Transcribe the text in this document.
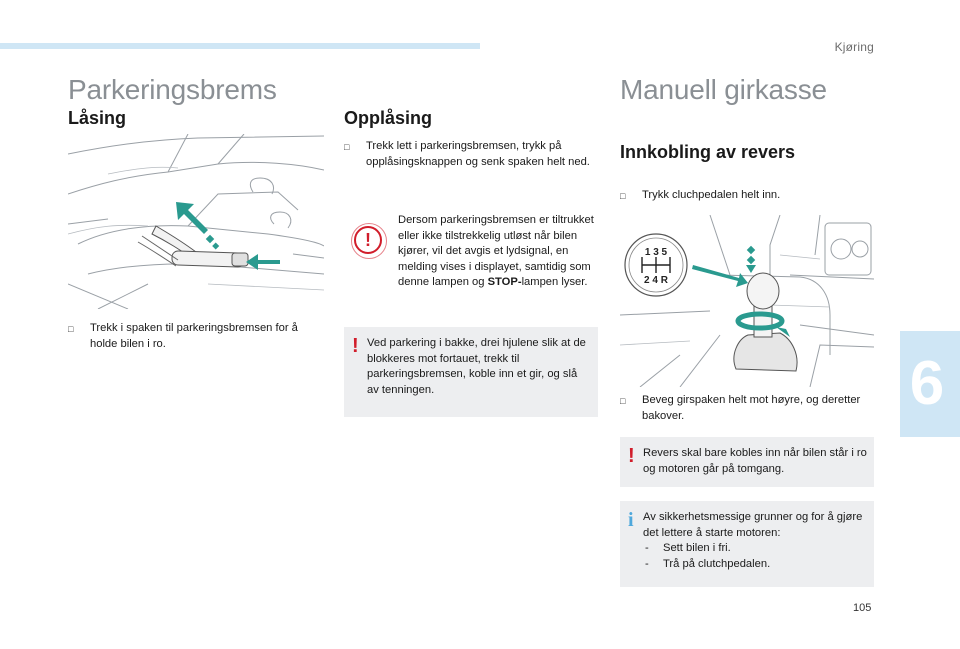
Kjøring
6
Parkeringsbrems
Låsing
□ Trekk i spaken til parkeringsbremsen for å holde bilen i ro.
Opplåsing
□ Trekk lett i parkeringsbremsen, trykk på opplåsingsknappen og senk spaken helt ned.
!
Dersom parkeringsbremsen er tiltrukket eller ikke tilstrekkelig utløst når bilen kjører, vil det avgis et lydsignal, en melding vises i displayet, samtidig som denne lampen og STOP-lampen lyser.
! Ved parkering i bakke, drei hjulene slik at de blokkeres mot fortauet, trekk til parkeringsbremsen, koble inn et gir, og slå av tenningen.
Manuell girkasse
Innkobling av revers
□ Trykk cluchpedalen helt inn.
1 3 5
2 4 R
□ Beveg girspaken helt mot høyre, og deretter bakover.
! Revers skal bare kobles inn når bilen står i ro og motoren går på tomgang.
i Av sikkerhetsmessige grunner og for å gjøre det lettere å starte motoren:
- Sett bilen i fri.
- Trå på clutchpedalen.
105
